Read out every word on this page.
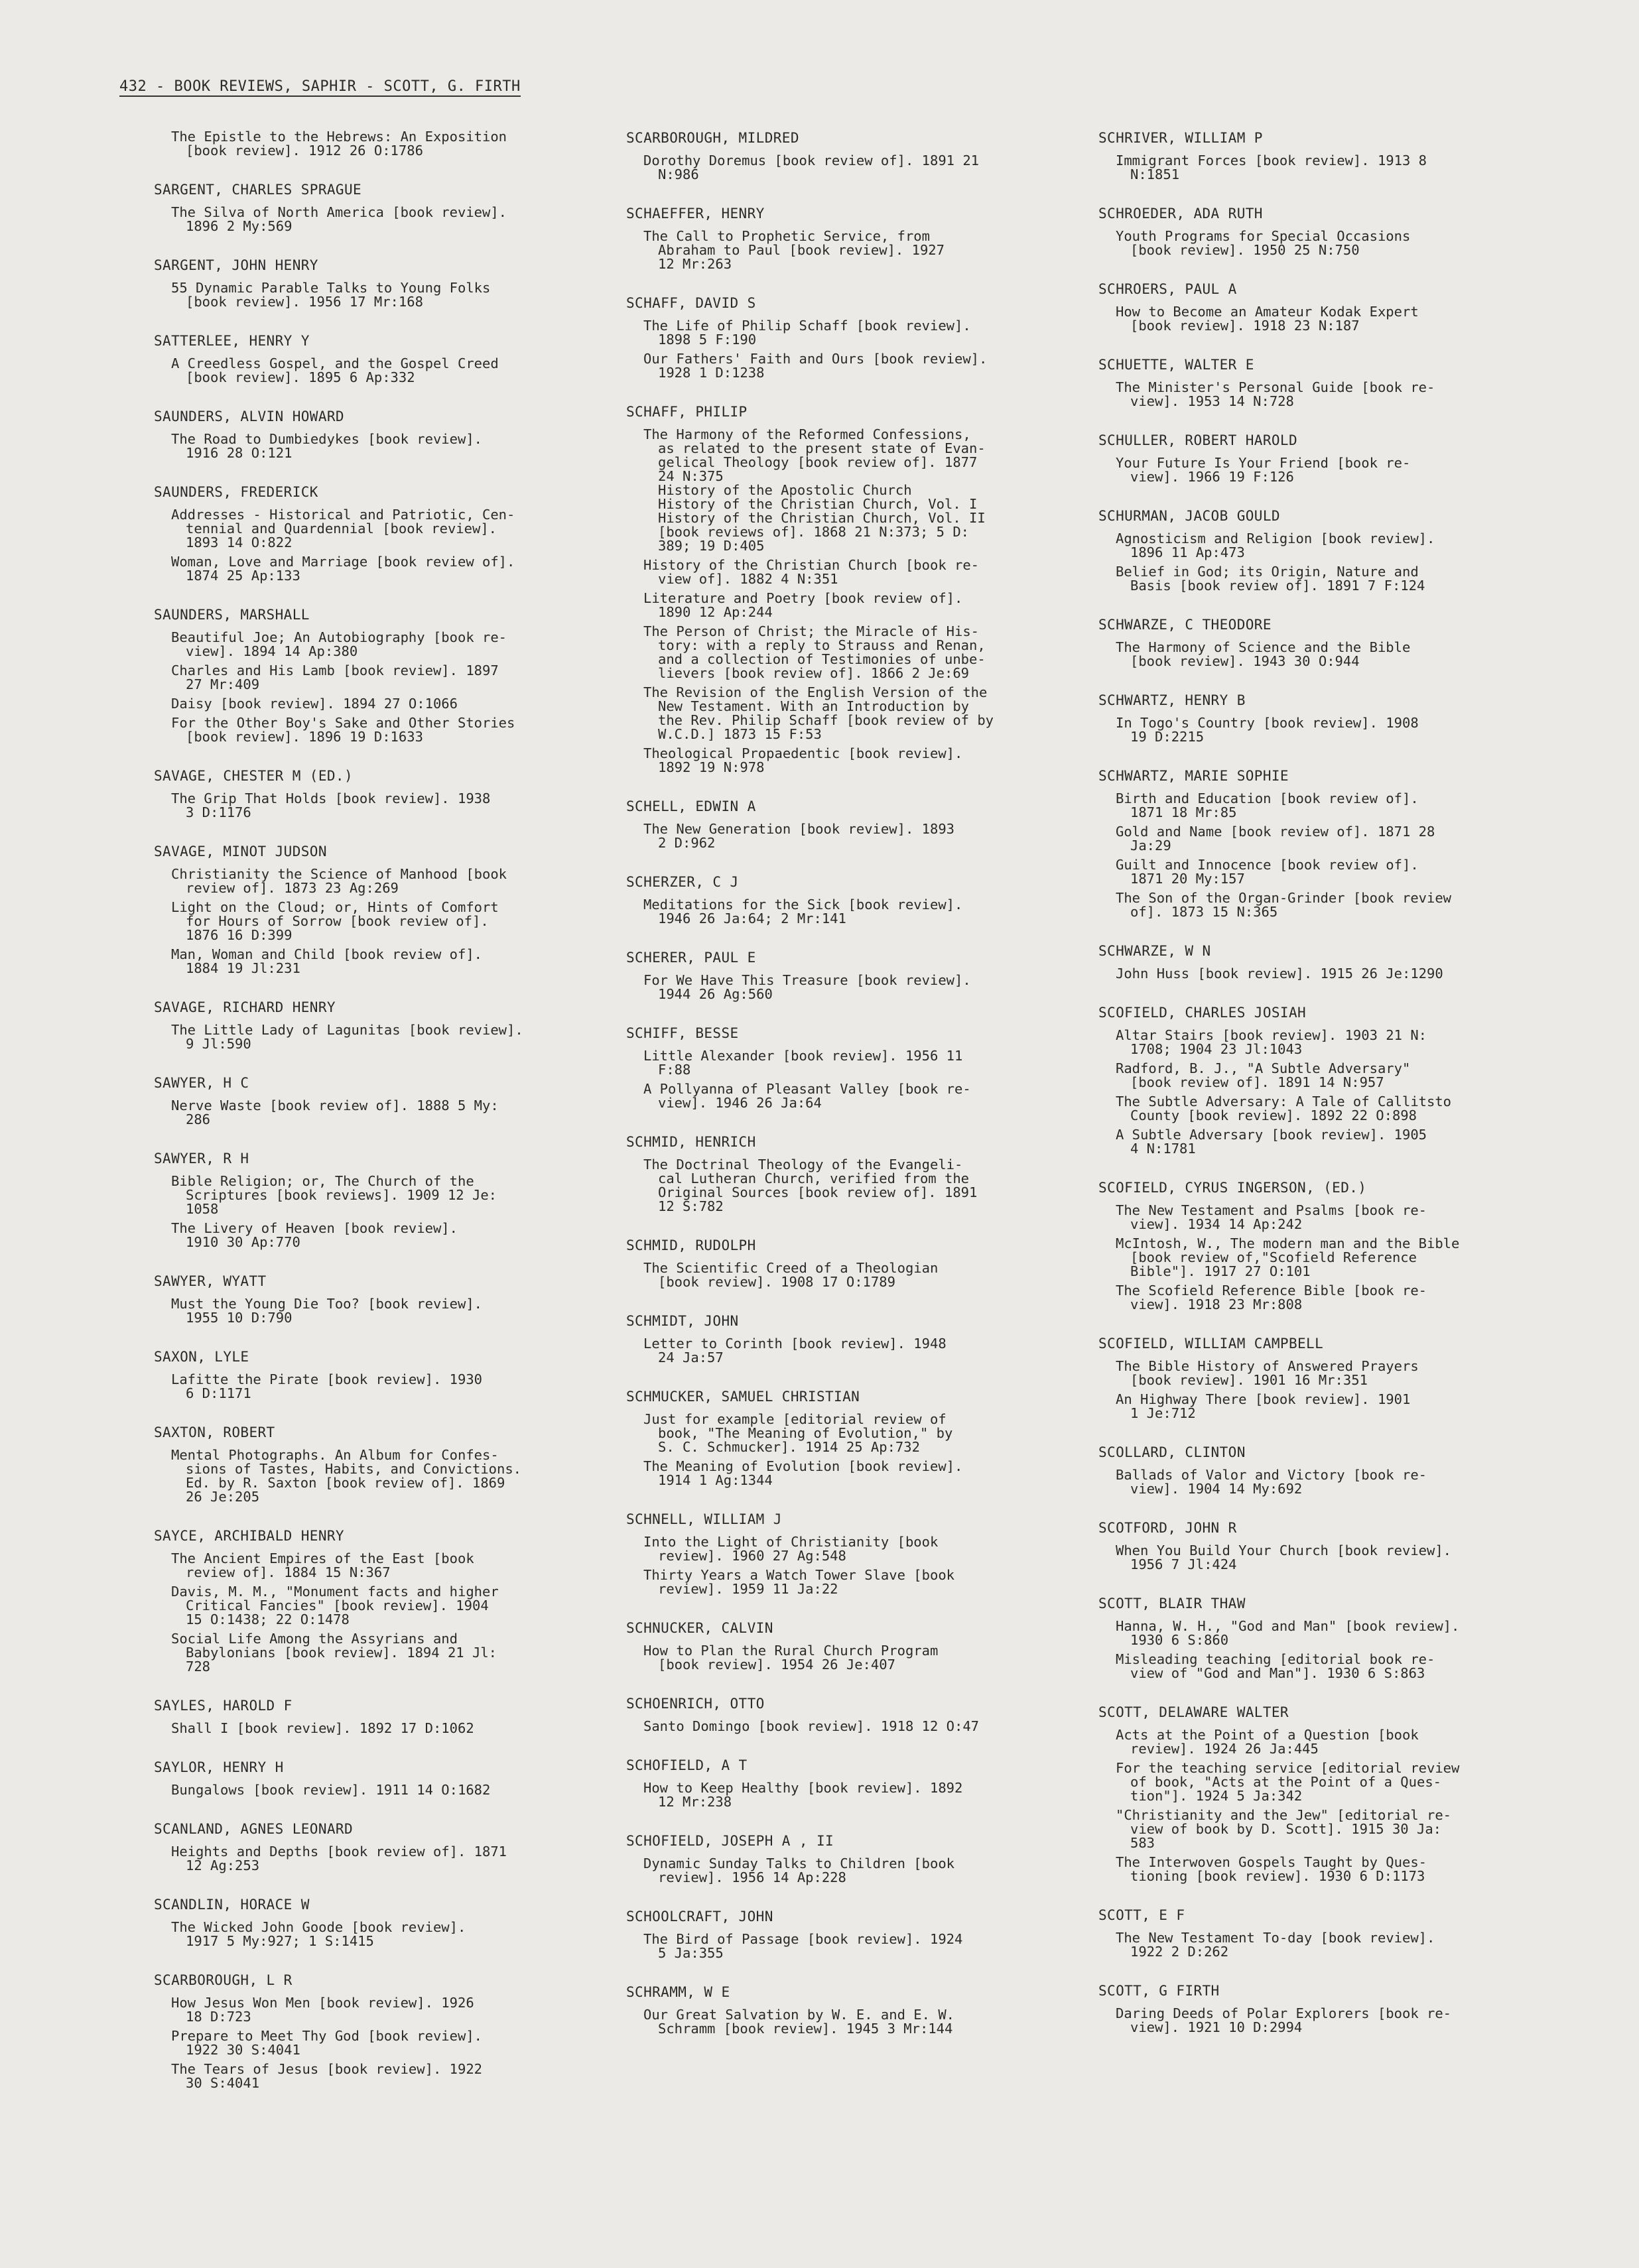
432 - BOOK REVIEWS, SAPHIR - SCOTT, G. FIRTH
The Epistle to the Hebrews: An Exposition
[book review]. 1912 26 O:1786
SARGENT, CHARLES SPRAGUE
The Silva of North America [book review].
1896 2 My:569
SARGENT, JOHN HENRY
55 Dynamic Parable Talks to Young Folks
[book review]. 1956 17 Mr:168
SATTERLEE, HENRY Y
A Creedless Gospel, and the Gospel Creed
[book review]. 1895 6 Ap:332
SAUNDERS, ALVIN HOWARD
The Road to Dumbiedykes [book review].
1916 28 O:121
SAUNDERS, FREDERICK
Addresses - Historical and Patriotic, Cen-
tennial and Quardennial [book review].
1893 14 O:822
Woman, Love and Marriage [book review of].
1874 25 Ap:133
SAUNDERS, MARSHALL
Beautiful Joe; An Autobiography [book re-
view]. 1894 14 Ap:380
Charles and His Lamb [book review]. 1897
27 Mr:409
Daisy [book review]. 1894 27 O:1066
For the Other Boy's Sake and Other Stories
[book review]. 1896 19 D:1633
SAVAGE, CHESTER M (ED.)
The Grip That Holds [book review]. 1938
3 D:1176
SAVAGE, MINOT JUDSON
Christianity the Science of Manhood [book
review of]. 1873 23 Ag:269
Light on the Cloud; or, Hints of Comfort
for Hours of Sorrow [book review of].
1876 16 D:399
Man, Woman and Child [book review of].
1884 19 Jl:231
SAVAGE, RICHARD HENRY
The Little Lady of Lagunitas [book review].
9 Jl:590
SAWYER, H C
Nerve Waste [book review of]. 1888 5 My:
286
SAWYER, R H
Bible Religion; or, The Church of the
Scriptures [book reviews]. 1909 12 Je:
1058
The Livery of Heaven [book review].
1910 30 Ap:770
SAWYER, WYATT
Must the Young Die Too? [book review].
1955 10 D:790
SAXON, LYLE
Lafitte the Pirate [book review]. 1930
6 D:1171
SAXTON, ROBERT
Mental Photographs. An Album for Confes-
sions of Tastes, Habits, and Convictions.
Ed. by R. Saxton [book review of]. 1869
26 Je:205
SAYCE, ARCHIBALD HENRY
The Ancient Empires of the East [book
review of]. 1884 15 N:367
Davis, M. M., "Monument facts and higher
Critical Fancies" [book review]. 1904
15 O:1438; 22 O:1478
Social Life Among the Assyrians and
Babylonians [book review]. 1894 21 Jl:
728
SAYLES, HAROLD F
Shall I [book review]. 1892 17 D:1062
SAYLOR, HENRY H
Bungalows [book review]. 1911 14 O:1682
SCANLAND, AGNES LEONARD
Heights and Depths [book review of]. 1871
12 Ag:253
SCANDLIN, HORACE W
The Wicked John Goode [book review].
1917 5 My:927; 1 S:1415
SCARBOROUGH, L R
How Jesus Won Men [book review]. 1926
18 D:723
Prepare to Meet Thy God [book review].
1922 30 S:4041
The Tears of Jesus [book review]. 1922
30 S:4041
SCARBOROUGH, MILDRED
Dorothy Doremus [book review of]. 1891 21
N:986
SCHAEFFER, HENRY
The Call to Prophetic Service, from
Abraham to Paul [book review]. 1927
12 Mr:263
SCHAFF, DAVID S
The Life of Philip Schaff [book review].
1898 5 F:190
Our Fathers' Faith and Ours [book review].
1928 1 D:1238
SCHAFF, PHILIP
The Harmony of the Reformed Confessions,
as related to the present state of Evan-
gelical Theology [book review of]. 1877
24 N:375
History of the Apostolic Church
History of the Christian Church, Vol. I
History of the Christian Church, Vol. II
[book reviews of]. 1868 21 N:373; 5 D:
389; 19 D:405
History of the Christian Church [book re-
view of]. 1882 4 N:351
Literature and Poetry [book review of].
1890 12 Ap:244
The Person of Christ; the Miracle of His-
tory: with a reply to Strauss and Renan,
and a collection of Testimonies of unbe-
lievers [book review of]. 1866 2 Je:69
The Revision of the English Version of the
New Testament. With an Introduction by
the Rev. Philip Schaff [book review of by
W.C.D.] 1873 15 F:53
Theological Propaedentic [book review].
1892 19 N:978
SCHELL, EDWIN A
The New Generation [book review]. 1893
2 D:962
SCHERZER, C J
Meditations for the Sick [book review].
1946 26 Ja:64; 2 Mr:141
SCHERER, PAUL E
For We Have This Treasure [book review].
1944 26 Ag:560
SCHIFF, BESSE
Little Alexander [book review]. 1956 11
F:88
A Pollyanna of Pleasant Valley [book re-
view]. 1946 26 Ja:64
SCHMID, HENRICH
The Doctrinal Theology of the Evangeli-
cal Lutheran Church, verified from the
Original Sources [book review of]. 1891
12 S:782
SCHMID, RUDOLPH
The Scientific Creed of a Theologian
[book review]. 1908 17 O:1789
SCHMIDT, JOHN
Letter to Corinth [book review]. 1948
24 Ja:57
SCHMUCKER, SAMUEL CHRISTIAN
Just for example [editorial review of
book, "The Meaning of Evolution," by
S. C. Schmucker]. 1914 25 Ap:732
The Meaning of Evolution [book review].
1914 1 Ag:1344
SCHNELL, WILLIAM J
Into the Light of Christianity [book
review]. 1960 27 Ag:548
Thirty Years a Watch Tower Slave [book
review]. 1959 11 Ja:22
SCHNUCKER, CALVIN
How to Plan the Rural Church Program
[book review]. 1954 26 Je:407
SCHOENRICH, OTTO
Santo Domingo [book review]. 1918 12 O:47
SCHOFIELD, A T
How to Keep Healthy [book review]. 1892
12 Mr:238
SCHOFIELD, JOSEPH A , II
Dynamic Sunday Talks to Children [book
review]. 1956 14 Ap:228
SCHOOLCRAFT, JOHN
The Bird of Passage [book review]. 1924
5 Ja:355
SCHRAMM, W E
Our Great Salvation by W. E. and E. W.
Schramm [book review]. 1945 3 Mr:144
SCHRIVER, WILLIAM P
Immigrant Forces [book review]. 1913 8
N:1851
SCHROEDER, ADA RUTH
Youth Programs for Special Occasions
[book review]. 1950 25 N:750
SCHROERS, PAUL A
How to Become an Amateur Kodak Expert
[book review]. 1918 23 N:187
SCHUETTE, WALTER E
The Minister's Personal Guide [book re-
view]. 1953 14 N:728
SCHULLER, ROBERT HAROLD
Your Future Is Your Friend [book re-
view]. 1966 19 F:126
SCHURMAN, JACOB GOULD
Agnosticism and Religion [book review].
1896 11 Ap:473
Belief in God; its Origin, Nature and
Basis [book review of]. 1891 7 F:124
SCHWARZE, C THEODORE
The Harmony of Science and the Bible
[book review]. 1943 30 O:944
SCHWARTZ, HENRY B
In Togo's Country [book review]. 1908
19 D:2215
SCHWARTZ, MARIE SOPHIE
Birth and Education [book review of].
1871 18 Mr:85
Gold and Name [book review of]. 1871 28
Ja:29
Guilt and Innocence [book review of].
1871 20 My:157
The Son of the Organ-Grinder [book review
of]. 1873 15 N:365
SCHWARZE, W N
John Huss [book review]. 1915 26 Je:1290
SCOFIELD, CHARLES JOSIAH
Altar Stairs [book review]. 1903 21 N:
1708; 1904 23 Jl:1043
Radford, B. J., "A Subtle Adversary"
[book review of]. 1891 14 N:957
The Subtle Adversary: A Tale of Callitsto
County [book review]. 1892 22 O:898
A Subtle Adversary [book review]. 1905
4 N:1781
SCOFIELD, CYRUS INGERSON, (ED.)
The New Testament and Psalms [book re-
view]. 1934 14 Ap:242
McIntosh, W., The modern man and the Bible
[book review of,"Scofield Reference
Bible"]. 1917 27 O:101
The Scofield Reference Bible [book re-
view]. 1918 23 Mr:808
SCOFIELD, WILLIAM CAMPBELL
The Bible History of Answered Prayers
[book review]. 1901 16 Mr:351
An Highway There [book review]. 1901
1 Je:712
SCOLLARD, CLINTON
Ballads of Valor and Victory [book re-
view]. 1904 14 My:692
SCOTFORD, JOHN R
When You Build Your Church [book review].
1956 7 Jl:424
SCOTT, BLAIR THAW
Hanna, W. H., "God and Man" [book review].
1930 6 S:860
Misleading teaching [editorial book re-
view of "God and Man"]. 1930 6 S:863
SCOTT, DELAWARE WALTER
Acts at the Point of a Question [book
review]. 1924 26 Ja:445
For the teaching service [editorial review
of book, "Acts at the Point of a Ques-
tion"]. 1924 5 Ja:342
"Christianity and the Jew" [editorial re-
view of book by D. Scott]. 1915 30 Ja:
583
The Interwoven Gospels Taught by Ques-
tioning [book review]. 1930 6 D:1173
SCOTT, E F
The New Testament To-day [book review].
1922 2 D:262
SCOTT, G FIRTH
Daring Deeds of Polar Explorers [book re-
view]. 1921 10 D:2994
